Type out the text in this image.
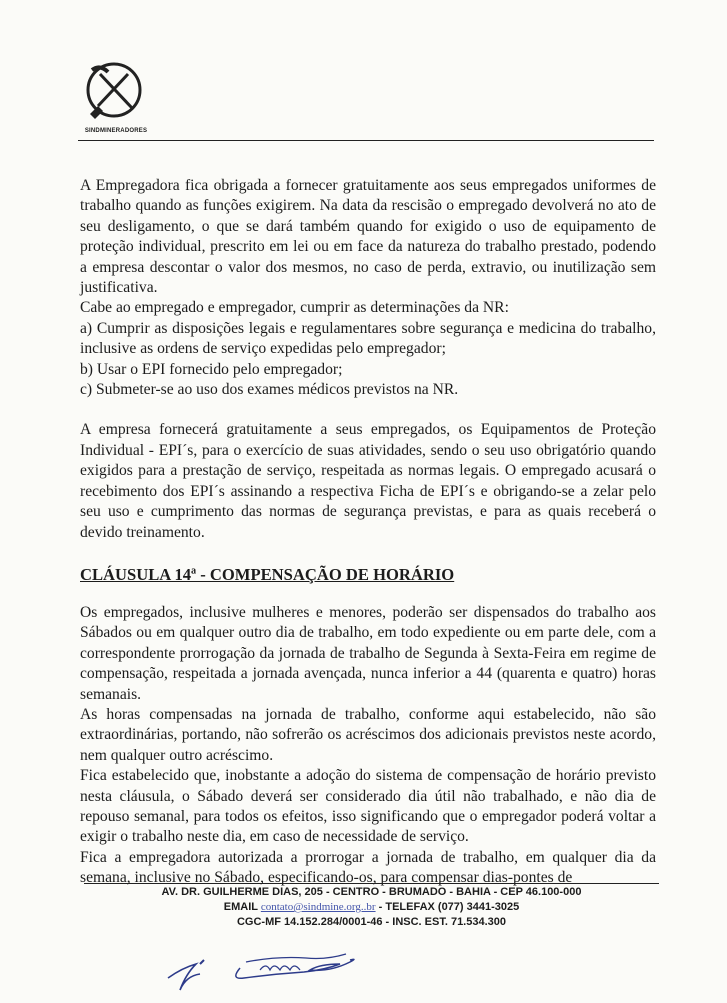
SINDMINERADORES

A Empregadora fica obrigada a fornecer gratuitamente aos seus empregados uniformes de trabalho quando as funções exigirem. Na data da rescisão o empregado devolverá no ato de seu desligamento, o que se dará também quando for exigido o uso de equipamento de proteção individual, prescrito em lei ou em face da natureza do trabalho prestado, podendo a empresa descontar o valor dos mesmos, no caso de perda, extravio, ou inutilização sem justificativa.

Cabe ao empregado e empregador, cumprir as determinações da NR:

a) Cumprir as disposições legais e regulamentares sobre segurança e medicina do trabalho, inclusive as ordens de serviço expedidas pelo empregador;

b) Usar o EPI fornecido pelo empregador;

c) Submeter-se ao uso dos exames médicos previstos na NR.

A empresa fornecerá gratuitamente a seus empregados, os Equipamentos de Proteção Individual - EPI´s, para o exercício de suas atividades, sendo o seu uso obrigatório quando exigidos para a prestação de serviço, respeitada as normas legais. O empregado acusará o recebimento dos EPI´s assinando a respectiva Ficha de EPI´s e obrigando-se a zelar pelo seu uso e cumprimento das normas de segurança previstas, e para as quais receberá o devido treinamento.

CLÁUSULA 14ª - COMPENSAÇÃO DE HORÁRIO

Os empregados, inclusive mulheres e menores, poderão ser dispensados do trabalho aos Sábados ou em qualquer outro dia de trabalho, em todo expediente ou em parte dele, com a correspondente prorrogação da jornada de trabalho de Segunda à Sexta-Feira em regime de compensação, respeitada a jornada avençada, nunca inferior a 44 (quarenta e quatro) horas semanais.

As horas compensadas na jornada de trabalho, conforme aqui estabelecido, não são extraordinárias, portando, não sofrerão os acréscimos dos adicionais previstos neste acordo, nem qualquer outro acréscimo.

Fica estabelecido que, inobstante a adoção do sistema de compensação de horário previsto nesta cláusula, o Sábado deverá ser considerado dia útil não trabalhado, e não dia de repouso semanal, para todos os efeitos, isso significando que o empregador poderá voltar a exigir o trabalho neste dia, em caso de necessidade de serviço.

Fica a empregadora autorizada a prorrogar a jornada de trabalho, em qualquer dia da semana, inclusive no Sábado, especificando-os, para compensar dias-pontes de

AV. DR. GUILHERME DIAS, 205 - CENTRO - BRUMADO - BAHIA - CEP 46.100-000
EMAIL contato@sindmine.org..br - TELEFAX (077) 3441-3025
CGC-MF 14.152.284/0001-46 - INSC. EST. 71.534.300
